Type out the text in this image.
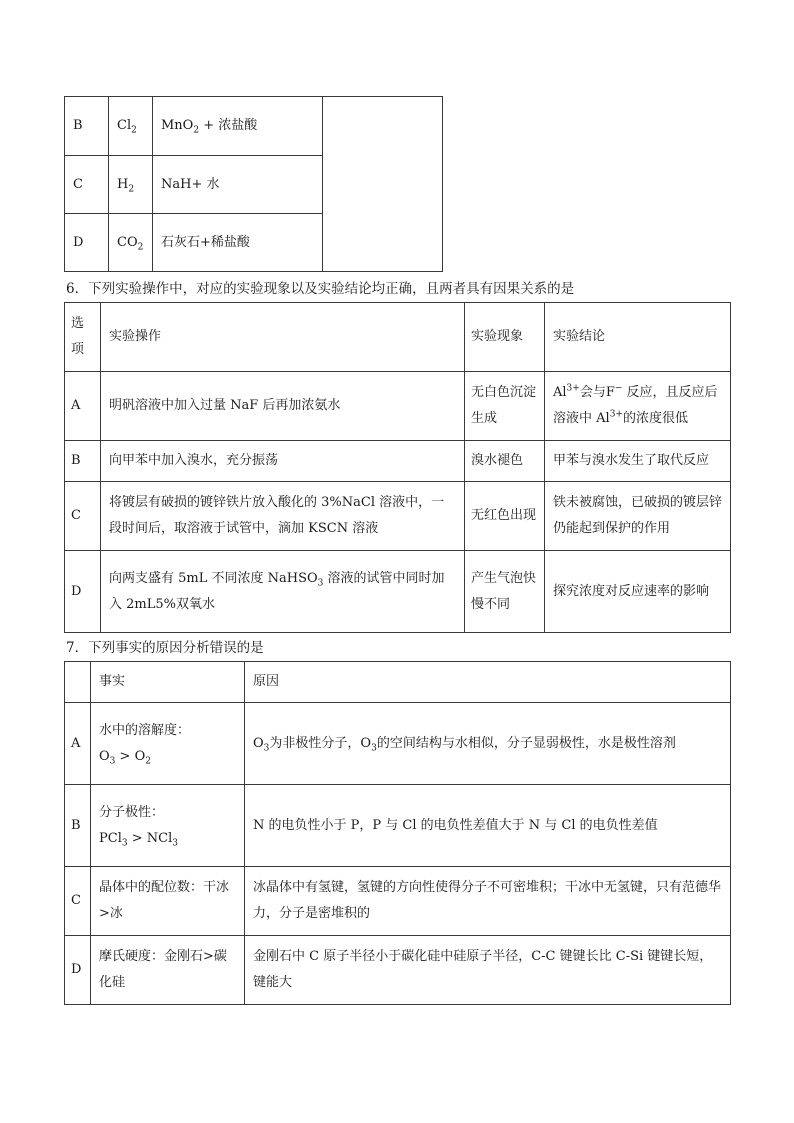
B	$Cl_2$	MnO$_2$ + 浓盐酸	
C	$H_2$	NaH+ 水	
D	$CO_2$	石灰石+稀盐酸	

6．下列实验操作中，对应的实验现象以及实验结论均正确，且两者具有因果关系的是

选
项	实验操作	实验现象	实验结论
A	明矾溶液中加入过量 NaF 后再加浓氨水	无白色沉淀生成	$Al^{3+}$会与F− 反应，且反应后溶液中 $Al^{3+}$的浓度很低
B	向甲苯中加入溴水，充分振荡	溴水褪色	甲苯与溴水发生了取代反应
C	将镀层有破损的镀锌铁片放入酸化的 3%NaCl 溶液中，一段时间后，取溶液于试管中，滴加 KSCN 溶液	无红色出现	铁未被腐蚀，已破损的镀层锌仍能起到保护的作用
D	向两支盛有 5mL 不同浓度 NaHSO$_3$ 溶液的试管中同时加入 2mL5%双氧水	产生气泡快慢不同	探究浓度对反应速率的影响

7．下列事实的原因分析错误的是

	事实	原因
A	水中的溶解度：
$O_3 > O_2$	$O_3$为非极性分子，$O_3$的空间结构与水相似，分子显弱极性，水是极性溶剂
B	分子极性：
PCl$_3$ > NCl$_3$	N 的电负性小于 P，P 与 Cl 的电负性差值大于 N 与 Cl 的电负性差值
C	晶体中的配位数：干冰>冰	冰晶体中有氢键，氢键的方向性使得分子不可密堆积；干冰中无氢键，只有范德华力，分子是密堆积的
D	摩氏硬度：金刚石>碳化硅	金刚石中 C 原子半径小于碳化硅中硅原子半径，C-C 键键长比 C-Si 键键长短，键能大
